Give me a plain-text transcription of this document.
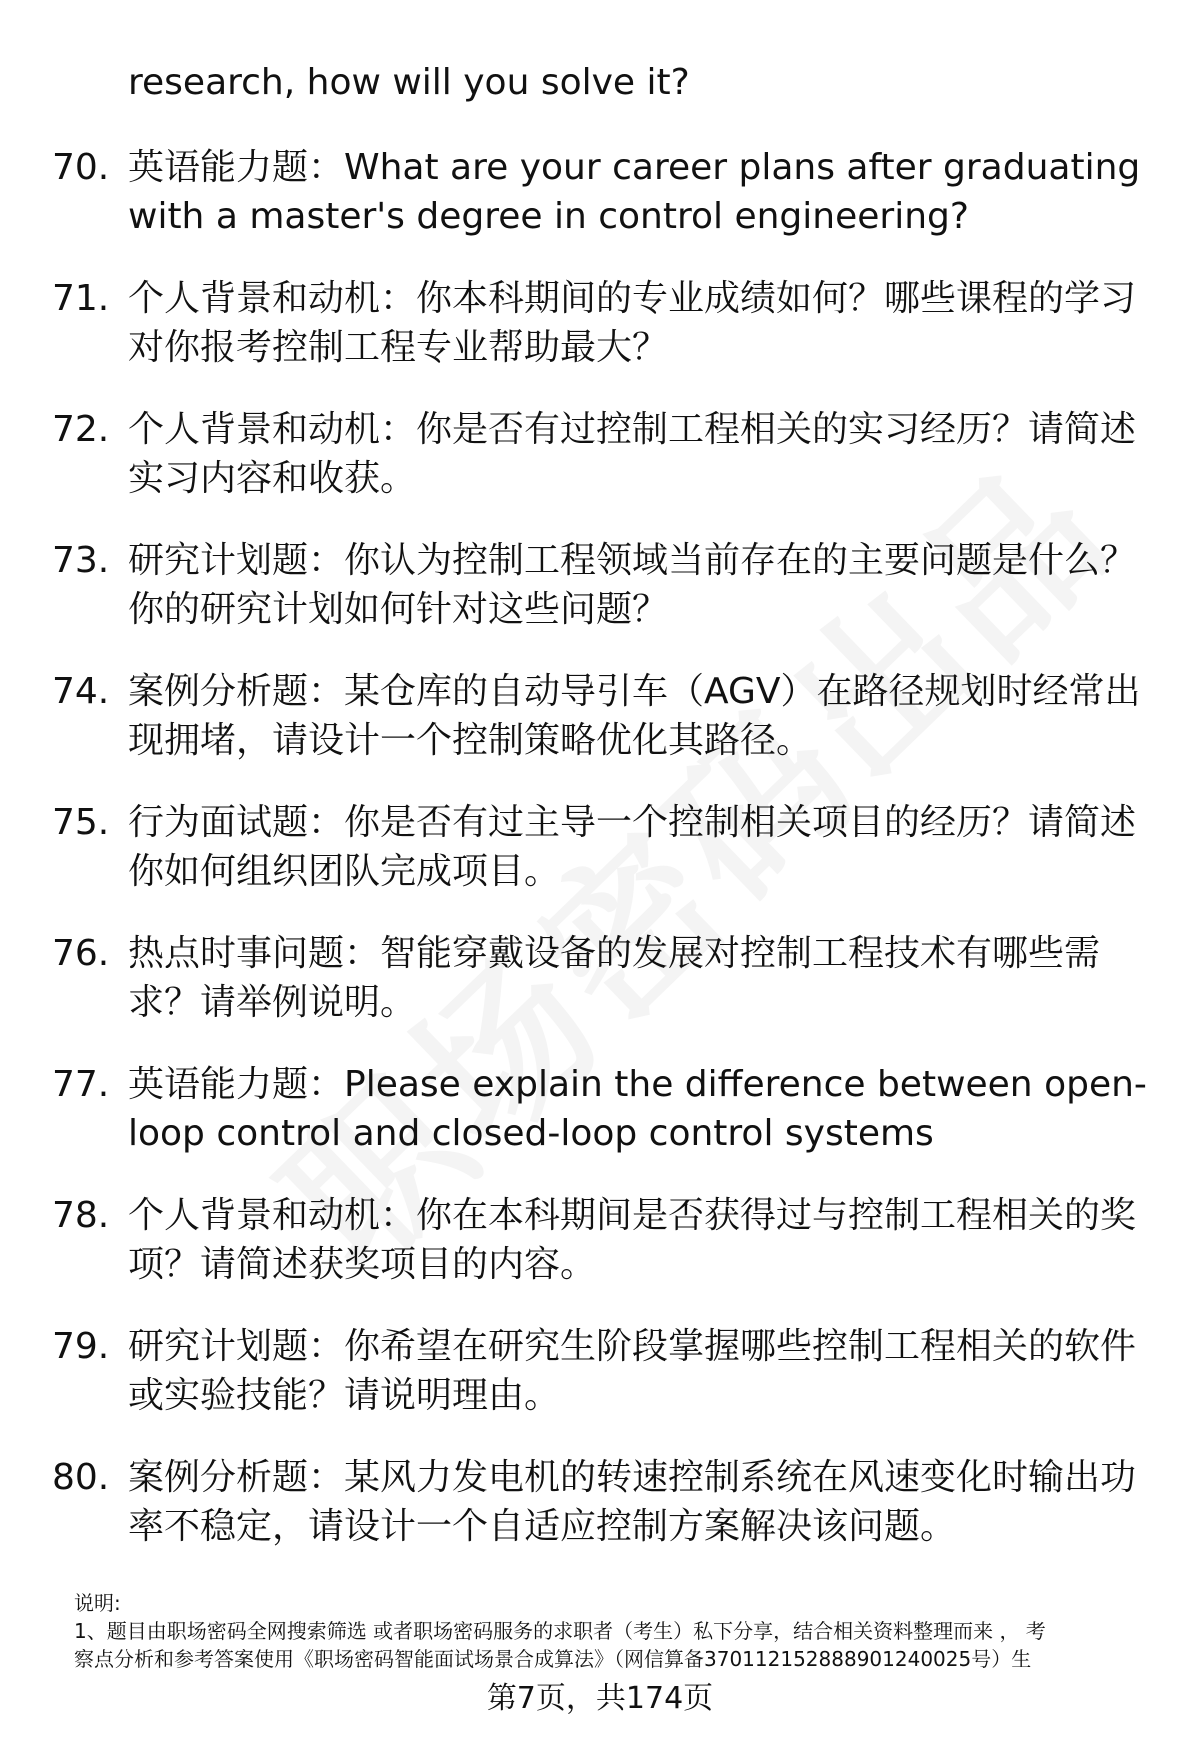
research, how will you solve it?
70. 英语能力题：What are your career plans after graduating
with a master's degree in control engineering?
71. 个人背景和动机：你本科期间的专业成绩如何？哪些课程的学习
对你报考控制工程专业帮助最大？
72. 个人背景和动机：你是否有过控制工程相关的实习经历？请简述
实习内容和收获。
73. 研究计划题：你认为控制工程领域当前存在的主要问题是什么？
你的研究计划如何针对这些问题？
74. 案例分析题：某仓库的自动导引车（AGV）在路径规划时经常出
现拥堵，请设计一个控制策略优化其路径。
75. 行为面试题：你是否有过主导一个控制相关项目的经历？请简述
你如何组织团队完成项目。
76. 热点时事问题：智能穿戴设备的发展对控制工程技术有哪些需
求？请举例说明。
77. 英语能力题：Please explain the difference between open-
loop control and closed-loop control systems
78. 个人背景和动机：你在本科期间是否获得过与控制工程相关的奖
项？请简述获奖项目的内容。
79. 研究计划题：你希望在研究生阶段掌握哪些控制工程相关的软件
或实验技能？请说明理由。
80. 案例分析题：某风力发电机的转速控制系统在风速变化时输出功
率不稳定，请设计一个自适应控制方案解决该问题。
说明:
1、题目由职场密码全网搜索筛选 或者职场密码服务的求职者（考生）私下分享，结合相关资料整理而来 ， 考
察点分析和参考答案使用《职场密码智能面试场景合成算法》（网信算备370112152888901240025号）生
第7页，共174页
